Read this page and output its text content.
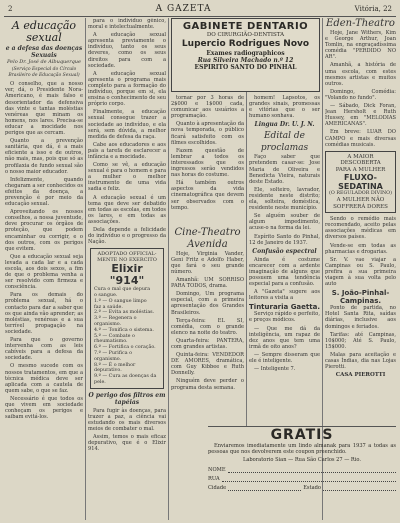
2	A GAZETA	Vitória, 22
A educação sexual
e a defesa das doenças Sexuais
Pelo Dr. José de Albuquerque
(Serviço Especial do Círculo Brasileiro de Educação Sexual)

O conselho, que a nosso ver, dá, o Presidente Nora-Americano, é mais falso e desorientador da defensiva das vinte e tantas moléstias venéreas que minam os homens, nos lares. Precisa-se educar a mocidade nos perigos que as cercam.

Quanto a prevenção sanitária, que dá, é a mais eficiente a isso e de outros, não mais, mas, pois que só as profilaxia de fundo sexual são o nosso maior educador.

Infelizmente, quando chegaram a ser conhecidos os efeitos da doença, a prevenção é por meio da educação sexual.

Aproveitando os nossos conselhos, a nossa juventude, deve procurar os órgãos de proteção, que podem encaminhar ou corrigir, e o dos outros, com os perigos que evitem.

Que a educação sexual seja levada a cada lar e a cada escola, aos dois sexos, a fim de que o problema venha a ser resolvido com firmeza e consciência.

Para os demais do problema sexual, há o contacto para dar a saber que os que ainda vão aprender; as moléstias, venéreas e a sua terrível propagação na sociedade.

Para que o governo intervenha com as leis cabíveis para a defesa da sociedade.

O mesmo sucede com os nossos tratamentos, em que a técnica médica deve ser aplicada com a cautela de quem sabe, o que se faz.

Necessário é que todos os que vivem em sociedade conheçam os perigos e saibam evitá-los.

para o indivíduo gênico, moral e intelectualmente.

A educação sexual apresenta previamente o indivíduo, tanto os seus deveres, como os seus direitos para com a sociedade.

A educação sexual apresenta o programa mais completo para a formação do indivíduo, porque em si, ela ensina o conhecimento de seu próprio corpo.

Finalmente, a educação sexual consegue trazer a sociedade ao indivíduo, e ela será, sem dúvida, a melhor medida de defesa da raça.

Cabe aos educadores e aos pais a tarefa de esclarecer a infância e a mocidade.

Como se vê, a educação sexual é para o homem e para a mulher o melhor instrumento de uma vida sadia e feliz.

A educação sexual é um tema que deve ser debatido em todas as escolas, em todos os lares, e em todas as associações.

Dela depende a felicidade do indivíduo e o progresso da Nação.

ADOPTADO OFFICIAL-
MENTE NO EXERCITO
Elixir "914"
Cura o mal que depura
o sangue.
1.º — O sangue limpo
faz a saúde.
2.º — Evita as moléstias.
3.º — Regenera o organismo.
4.º — Tonifica o sistema.
5.º — Combate o rheumatismo.
6.º — Fortifica o coração.
7.º — Purifica o organismo.
8.º — É o melhor depurativo.
9.º — Cura as doenças da pele.
O perigo dos filtros em tapéias

Para fugir às doenças, para trazer a paz, a ciência vai estudando os mais diversos meios de combater o mal.

Assim, temos o mais eficaz depurativo, que é o Elixir 914.

GABINETE DENTARIO
DO CIRURGIÃO-DENTISTA
Lupercio Rodrigues Novo
Exames radiographicos
Rua Silveira Machado n.º 12
ESPIRITO SANTO DO PINHAL

tornar por 3 horas de 2$000 e 1$000 cada, comunicar aos usuários a programação.

Quanto à apresentação da nova temporada, o público ficará satisfeito com os filmes escolhidos.

Fazem questão de lembrar a todos os interessados que os ingressos serão vendidos nas horas do costume.

Há também outros aspectos da vida cinematográfica que devem ser observados com o tempo.

Cine-Theatro Avenida

Hoje, Virginia Vander, Geni Fritz e Adolfo Haber, que fará o seu grande número.

Amanhã: UM SORRISO PARA TODOS, drama.

Domingo, Um programa especial, com a primeira apresentação dos Grandes Brasileiros.

Terça-feira: EL SI, comédia, com o grande elenco na noite do teatro.

Quarta-feira: PANTERA, com grandes artistas.

Quinta-feira: VENDEDOR DE AMORES, dramática, com Guy Kibbee e Ruth Donnelly.

Ninguém deve perder o programa desta semana.

homem! Lapsotos, os grandes sinais, promessas e vitórias que o ser humano sonhava.

Lingua Dr. U. J. N.
Edital de proclamas

Faço saber que pretendem casar-se: Jose Maria de Oliveira e Benedicta Vieira, naturais deste Estado.

Ele, solteiro, lavrador, residente neste distrito; ela, solteira, doméstica, residente neste município.

Se alguém souber de algum impedimento, acuse-o na forma da lei.

Espírito Santo do Pinhal, 12 de Janeiro de 1937.

Confusão espectral

Ainda é costume encarecer com a ardente imaginação de alguns que possuem uma tendência especial para a confusão.

A "Gazeta" sugere aos leitores a visita a

Tinturaria Gaetta.

Serviço rápido e perfeito, e preços módicos.

— Que me dá da inteligência, um rapaz de dez anos que tem uma irmã de oito anos?

— Sempre disseram que ele é inteligente.

— Inteligente 7.

Eden-Theatro

Hoje, Jane Withers, Kim e George Arthur, Joan Tomlin, na engraçadíssima comédia "PERDIDO NO AR".

Amanhã, a história de uma escola, com estes mesmos artistas e muitos outros.

Domingo, Comédia: "Volando no fundo".

— Sábado, Dick Foran, Jean Hersholt e Ruth Hussey, em "MELODIAS AMERICANAS".

Em breve: LUAR DO CAMPO e mais diversas comédias musicais.

A MAIOR DESCOBERTA
PARA A MULHER
FLUXO-SEDATINA
(O REGULADOR DIVINO)
A MULHER NÃO
SOFFRERÁ DORES

Sendo o remédio mais recomendado, aceito pelas associações médicas em diversos países.

Vende-se em todas as pharmacias e drogarias.

Sr. V. vae viajar a Campinas ou S. Paulo, prefira a sua primeira viagem à sua volta pelo auto

S. João-Pinhal-Campinas.

Ponto de partida, no Hotel Santa Rita, saídas diárias, inclusive aos domingos e feriados.

Tarifas: até Campinas, 10$000; Até S. Paulo, 15$000.

Malas para aceitação e casas Índias, dia nas Lojas Pierotti.

CASA PIEROTTI
GRATIS
Enviaremos imediatamente um lindo almanak para 1937 a todas as pessoas que nos devolverem este coupon preenchido.
Laboratorio Sian — Rua São Carlos 27 — Rio.
NOME
RUA
Cidade	Estado
